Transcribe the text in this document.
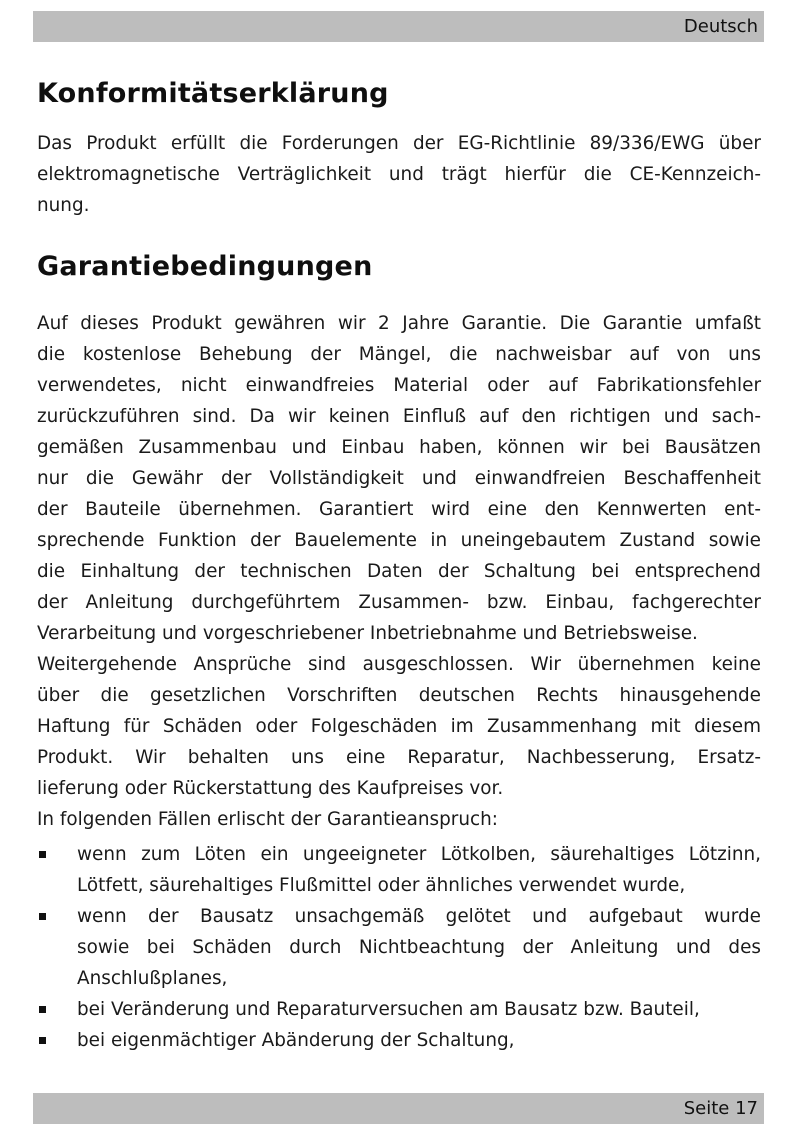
Deutsch
Konformitätserklärung
Das Produkt erfüllt die Forderungen der EG-Richtlinie 89/336/EWG über
elektromagnetische Verträglichkeit und trägt hierfür die CE-Kennzeich-
nung.
Garantiebedingungen
Auf dieses Produkt gewähren wir 2 Jahre Garantie. Die Garantie umfaßt
die kostenlose Behebung der Mängel, die nachweisbar auf von uns
verwendetes, nicht einwandfreies Material oder auf Fabrikationsfehler
zurückzuführen sind. Da wir keinen Einfluß auf den richtigen und sach-
gemäßen Zusammenbau und Einbau haben, können wir bei Bausätzen
nur die Gewähr der Vollständigkeit und einwandfreien Beschaffenheit
der Bauteile übernehmen. Garantiert wird eine den Kennwerten ent-
sprechende Funktion der Bauelemente in uneingebautem Zustand sowie
die Einhaltung der technischen Daten der Schaltung bei entsprechend
der Anleitung durchgeführtem Zusammen- bzw. Einbau, fachgerechter
Verarbeitung und vorgeschriebener Inbetriebnahme und Betriebsweise.
Weitergehende Ansprüche sind ausgeschlossen. Wir übernehmen keine
über die gesetzlichen Vorschriften deutschen Rechts hinausgehende
Haftung für Schäden oder Folgeschäden im Zusammenhang mit diesem
Produkt. Wir behalten uns eine Reparatur, Nachbesserung, Ersatz-
lieferung oder Rückerstattung des Kaufpreises vor.
In folgenden Fällen erlischt der Garantieanspruch:
wenn zum Löten ein ungeeigneter Lötkolben, säurehaltiges Lötzinn,
Lötfett, säurehaltiges Flußmittel oder ähnliches verwendet wurde,
wenn der Bausatz unsachgemäß gelötet und aufgebaut wurde
sowie bei Schäden durch Nichtbeachtung der Anleitung und des
Anschlußplanes,
bei Veränderung und Reparaturversuchen am Bausatz bzw. Bauteil,
bei eigenmächtiger Abänderung der Schaltung,
Seite 17
